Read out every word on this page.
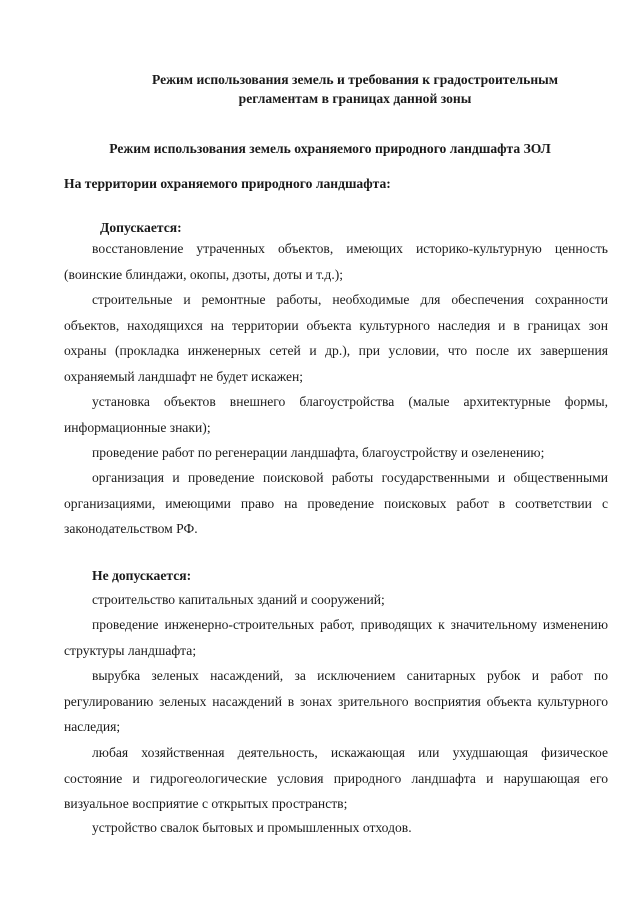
Режим использования земель и требования к градостроительным
регламентам в границах данной зоны
Режим использования земель охраняемого природного ландшафта ЗОЛ
На территории охраняемого природного ландшафта:
Допускается:
восстановление утраченных объектов, имеющих историко-культурную ценность (воинские блиндажи, окопы, дзоты, доты и т.д.);
строительные и ремонтные работы, необходимые для обеспечения сохранности объектов, находящихся на территории объекта культурного наследия и в границах зон охраны (прокладка инженерных сетей и др.), при условии, что после их завершения охраняемый ландшафт не будет искажен;
установка объектов внешнего благоустройства (малые архитектурные формы, информационные знаки);
проведение работ по регенерации ландшафта, благоустройству и озеленению;
организация и проведение поисковой работы государственными и общественными организациями, имеющими право на проведение поисковых работ в соответствии с законодательством РФ.
Не допускается:
строительство капитальных зданий и сооружений;
проведение инженерно-строительных работ, приводящих к значительному изменению структуры ландшафта;
вырубка зеленых насаждений, за исключением санитарных рубок и работ по регулированию зеленых насаждений в зонах зрительного восприятия объекта культурного наследия;
любая хозяйственная деятельность, искажающая или ухудшающая физическое состояние и гидрогеологические условия природного ландшафта и нарушающая его визуальное восприятие с открытых пространств;
устройство свалок бытовых и промышленных отходов.
